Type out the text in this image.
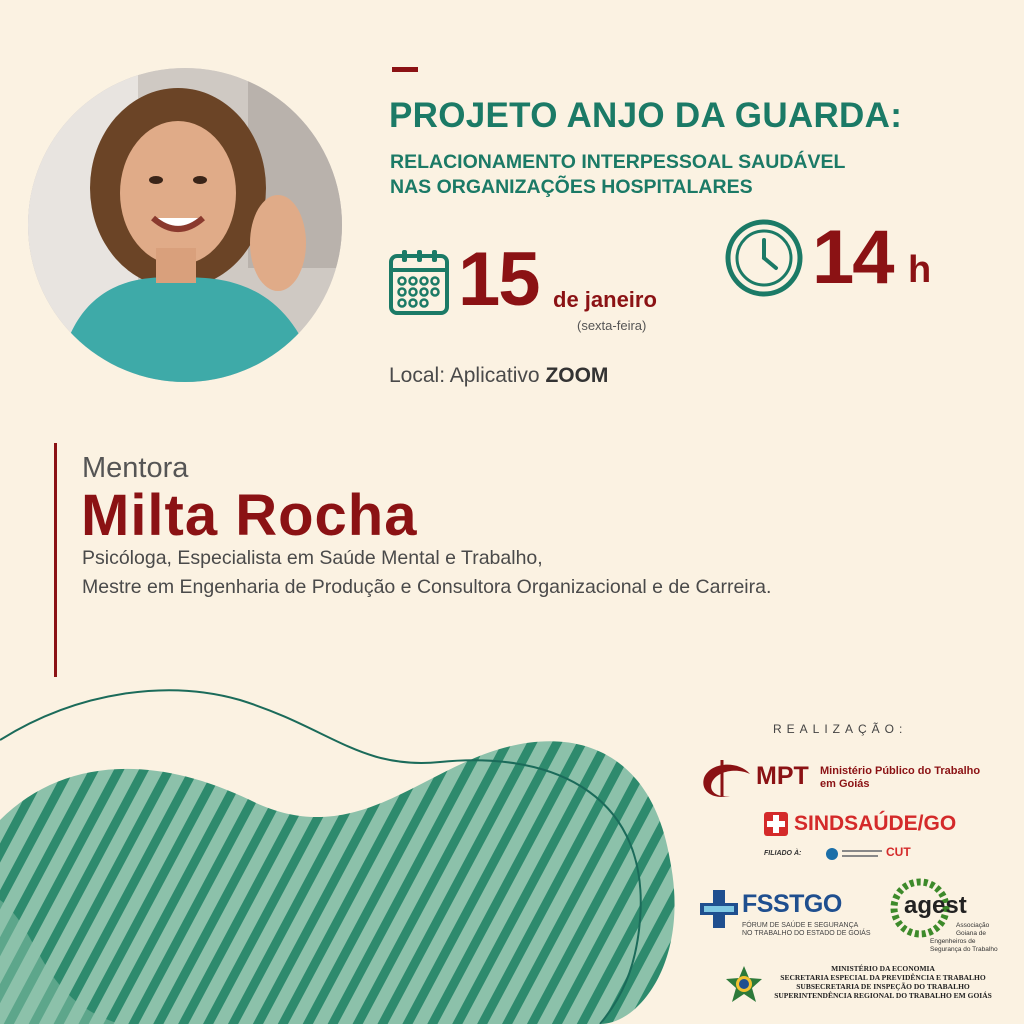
PROJETO ANJO DA GUARDA:
RELACIONAMENTO INTERPESSOAL SAUDÁVEL
NAS ORGANIZAÇÕES HOSPITALARES
15 de janeiro
(sexta-feira)
14 h
Local: Aplicativo ZOOM
Mentora
Milta Rocha
Psicóloga, Especialista em Saúde Mental e Trabalho,
Mestre em Engenharia de Produção e Consultora Organizacional e de Carreira.
REALIZAÇÃO:
MPT Ministério Público do Trabalho
em Goiás
SINDSAÚDE/GO
FILIADO À:	CUT
FSSTGO
FÓRUM DE SAÚDE E SEGURANÇA
NO TRABALHO DO ESTADO DE GOIÁS
agest
Associação
Goiana de
Engenheiros de
Segurança do Trabalho
MINISTÉRIO DA ECONOMIA
SECRETARIA ESPECIAL DA PREVIDÊNCIA E TRABALHO
SUBSECRETARIA DE INSPEÇÃO DO TRABALHO
SUPERINTENDÊNCIA REGIONAL DO TRABALHO EM GOIÁS
